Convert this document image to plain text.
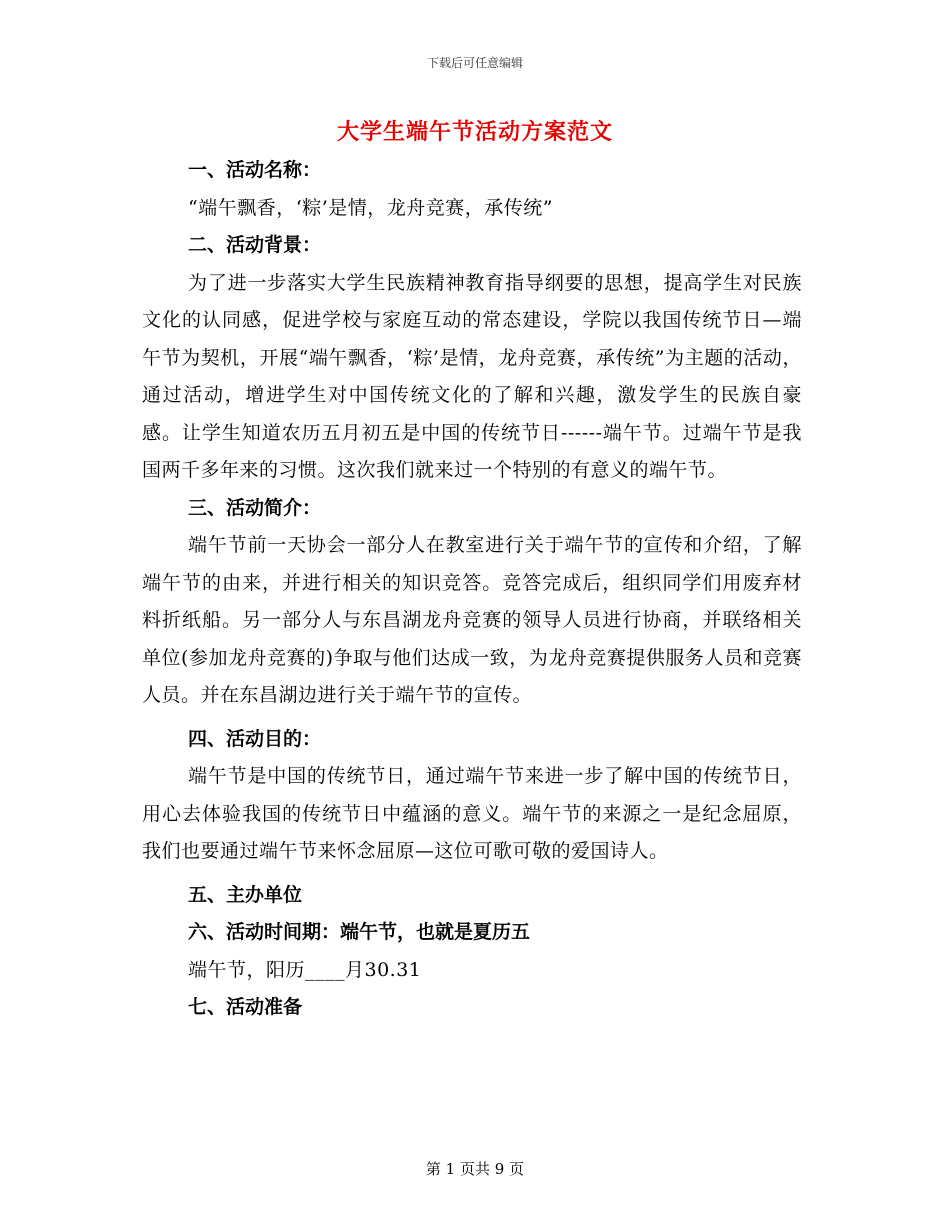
下载后可任意编辑
大学生端午节活动方案范文

一、活动名称：

“端午飘香，‘粽’是情，龙舟竞赛，承传统”

二、活动背景：

为了进一步落实大学生民族精神教育指导纲要的思想，提高学生对民族文化的认同感，促进学校与家庭互动的常态建设，学院以我国传统节日—端午节为契机，开展“端午飘香，‘粽’是情，龙舟竞赛，承传统”为主题的活动，通过活动，增进学生对中国传统文化的了解和兴趣，激发学生的民族自豪感。让学生知道农历五月初五是中国的传统节日------端午节。过端午节是我国两千多年来的习惯。这次我们就来过一个特别的有意义的端午节。

三、活动简介：

端午节前一天协会一部分人在教室进行关于端午节的宣传和介绍，了解端午节的由来，并进行相关的知识竞答。竞答完成后，组织同学们用废弃材料折纸船。另一部分人与东昌湖龙舟竞赛的领导人员进行协商，并联络相关单位(参加龙舟竞赛的)争取与他们达成一致，为龙舟竞赛提供服务人员和竞赛人员。并在东昌湖边进行关于端午节的宣传。

四、活动目的：

端午节是中国的传统节日，通过端午节来进一步了解中国的传统节日，用心去体验我国的传统节日中蕴涵的意义。端午节的来源之一是纪念屈原，我们也要通过端午节来怀念屈原—这位可歌可敬的爱国诗人。

五、主办单位

六、活动时间期：端午节，也就是夏历五

端午节，阳历____月30.31

七、活动准备

第 1 页共 9 页
